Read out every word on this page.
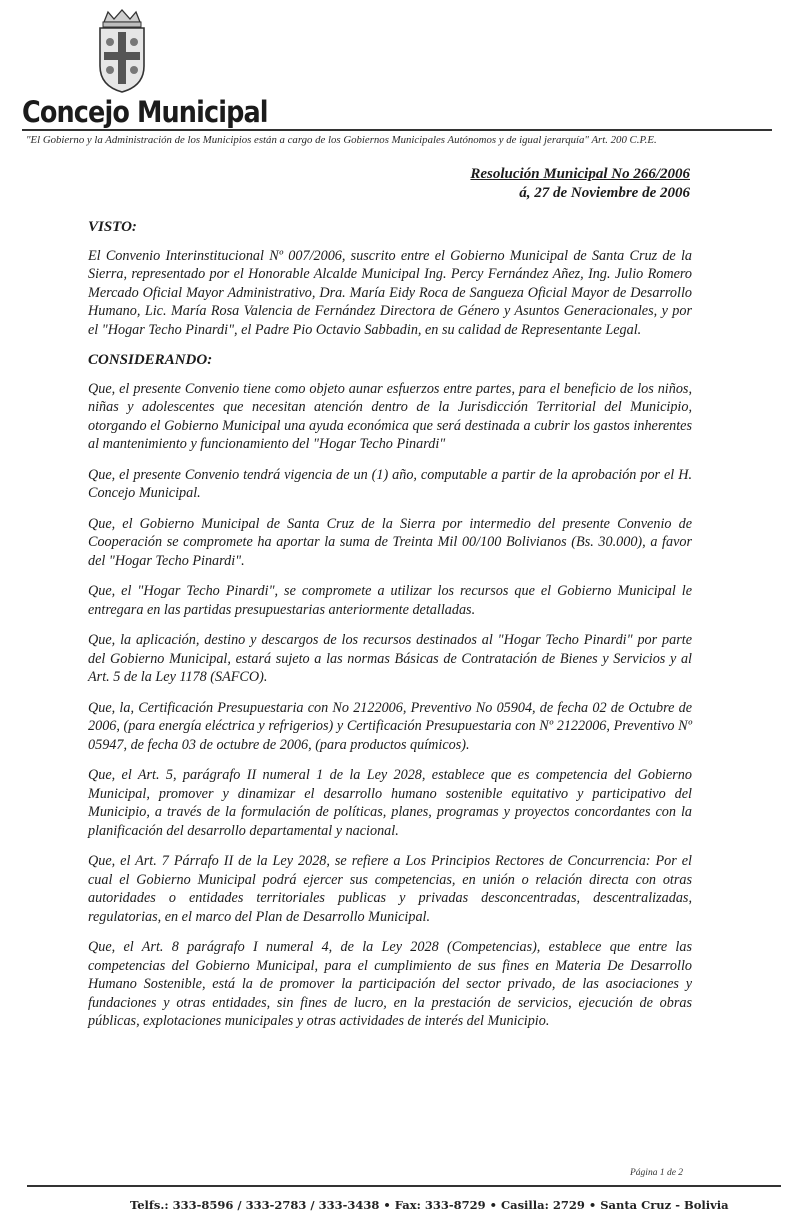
Concejo Municipal
"El Gobierno y la Administración de los Municipios están a cargo de los Gobiernos Municipales Autónomos y de igual jerarquía" Art. 200 C.P.E.
Resolución Municipal No 266/2006
á, 27 de Noviembre de 2006
VISTO:

El Convenio Interinstitucional Nº 007/2006, suscrito entre el Gobierno Municipal de Santa Cruz de la Sierra, representado por el Honorable Alcalde Municipal Ing. Percy Fernández Añez, Ing. Julio Romero Mercado Oficial Mayor Administrativo, Dra. María Eidy Roca de Sangueza Oficial Mayor de Desarrollo Humano, Lic. María Rosa Valencia de Fernández Directora de Género y Asuntos Generacionales, y por el "Hogar Techo Pinardi", el Padre Pio Octavio Sabbadin, en su calidad de Representante Legal.

CONSIDERANDO:

Que, el presente Convenio tiene como objeto aunar esfuerzos entre partes, para el beneficio de los niños, niñas y adolescentes que necesitan atención dentro de la Jurisdicción Territorial del Municipio, otorgando el Gobierno Municipal una ayuda económica que será destinada a cubrir los gastos inherentes al mantenimiento y funcionamiento del "Hogar Techo Pinardi"

Que, el presente Convenio tendrá vigencia de un (1) año, computable a partir de la aprobación por el H. Concejo Municipal.

Que, el Gobierno Municipal de Santa Cruz de la Sierra por intermedio del presente Convenio de Cooperación se compromete ha aportar la suma de Treinta Mil 00/100 Bolivianos (Bs. 30.000), a favor del "Hogar Techo Pinardi".

Que, el "Hogar Techo Pinardi", se compromete a utilizar los recursos que el Gobierno Municipal le entregara en las partidas presupuestarias anteriormente detalladas.

Que, la aplicación, destino y descargos de los recursos destinados al "Hogar Techo Pinardi" por parte del Gobierno Municipal, estará sujeto a las normas Básicas de Contratación de Bienes y Servicios y al Art. 5 de la Ley 1178 (SAFCO).

Que, la, Certificación Presupuestaria con No 2122006, Preventivo No 05904, de fecha 02 de Octubre de 2006, (para energía eléctrica y refrigerios) y Certificación Presupuestaria con Nº 2122006, Preventivo Nº 05947, de fecha 03 de octubre de 2006, (para productos químicos).

Que, el Art. 5, parágrafo II numeral 1 de la Ley 2028, establece que es competencia del Gobierno Municipal, promover y dinamizar el desarrollo humano sostenible equitativo y participativo del Municipio, a través de la formulación de políticas, planes, programas y proyectos concordantes con la planificación del desarrollo departamental y nacional.

Que, el Art. 7 Párrafo II de la Ley 2028, se refiere a Los Principios Rectores de Concurrencia: Por el cual el Gobierno Municipal podrá ejercer sus competencias, en unión o relación directa con otras autoridades o entidades territoriales publicas y privadas desconcentradas, descentralizadas, regulatorias, en el marco del Plan de Desarrollo Municipal.

Que, el Art. 8 parágrafo I numeral 4, de la Ley 2028 (Competencias), establece que entre las competencias del Gobierno Municipal, para el cumplimiento de sus fines en Materia De Desarrollo Humano Sostenible, está la de promover la participación del sector privado, de las asociaciones y fundaciones y otras entidades, sin fines de lucro, en la prestación de servicios, ejecución de obras públicas, explotaciones municipales y otras actividades de interés del Municipio.

Página 1 de 2
Telfs.: 333-8596 / 333-2783 / 333-3438 • Fax: 333-8729 • Casilla: 2729 • Santa Cruz - Bolivia
